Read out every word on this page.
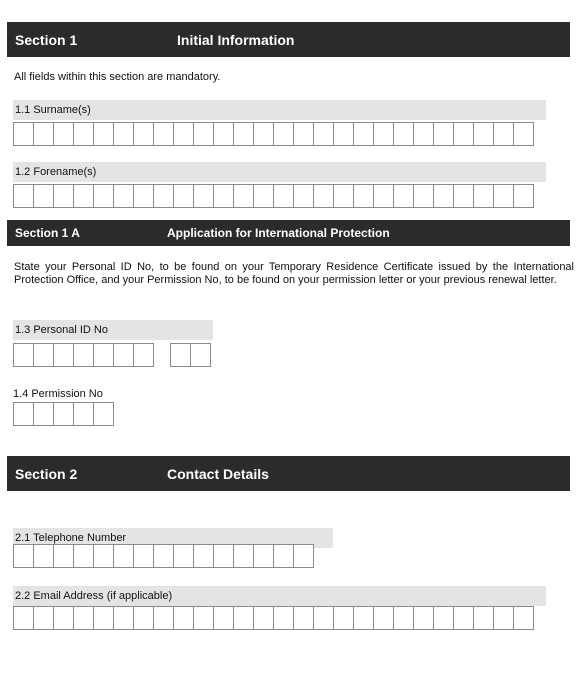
Section 1	Initial Information
All fields within this section are mandatory.
1.1 Surname(s)
1.2 Forename(s)
Section 1 A	Application for International Protection
State your Personal ID No, to be found on your Temporary Residence Certificate issued by the International Protection Office, and your Permission No, to be found on your permission letter or your previous renewal letter.
1.3 Personal ID No
1.4 Permission No
Section 2	Contact Details
2.1 Telephone Number
2.2 Email Address (if applicable)
